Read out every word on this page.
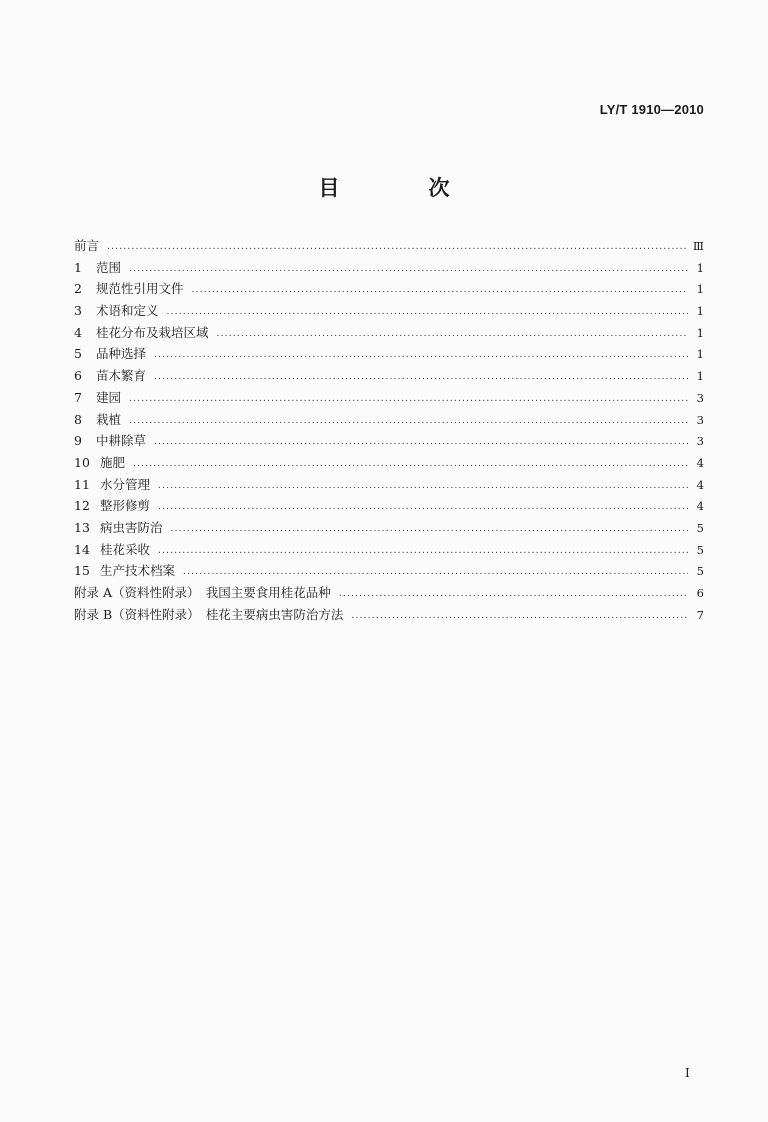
LY/T 1910—2010
目　次
前言 .....	Ⅲ
1	范围 .....	1
2	规范性引用文件 .....	1
3	术语和定义 .....	1
4	桂花分布及栽培区域 .....	1
5	品种选择 .....	1
6	苗木繁育 .....	1
7	建园 .....	3
8	栽植 .....	3
9	中耕除草 .....	3
10 施肥 .....	4
11 水分管理 .....	4
12 整形修剪 .....	4
13 病虫害防治 .....	5
14 桂花采收 .....	5
15 生产技术档案 .....	5
附录 A（资料性附录）　我国主要食用桂花品种 .....	6
附录 B（资料性附录）　桂花主要病虫害防治方法 .....	7
I
